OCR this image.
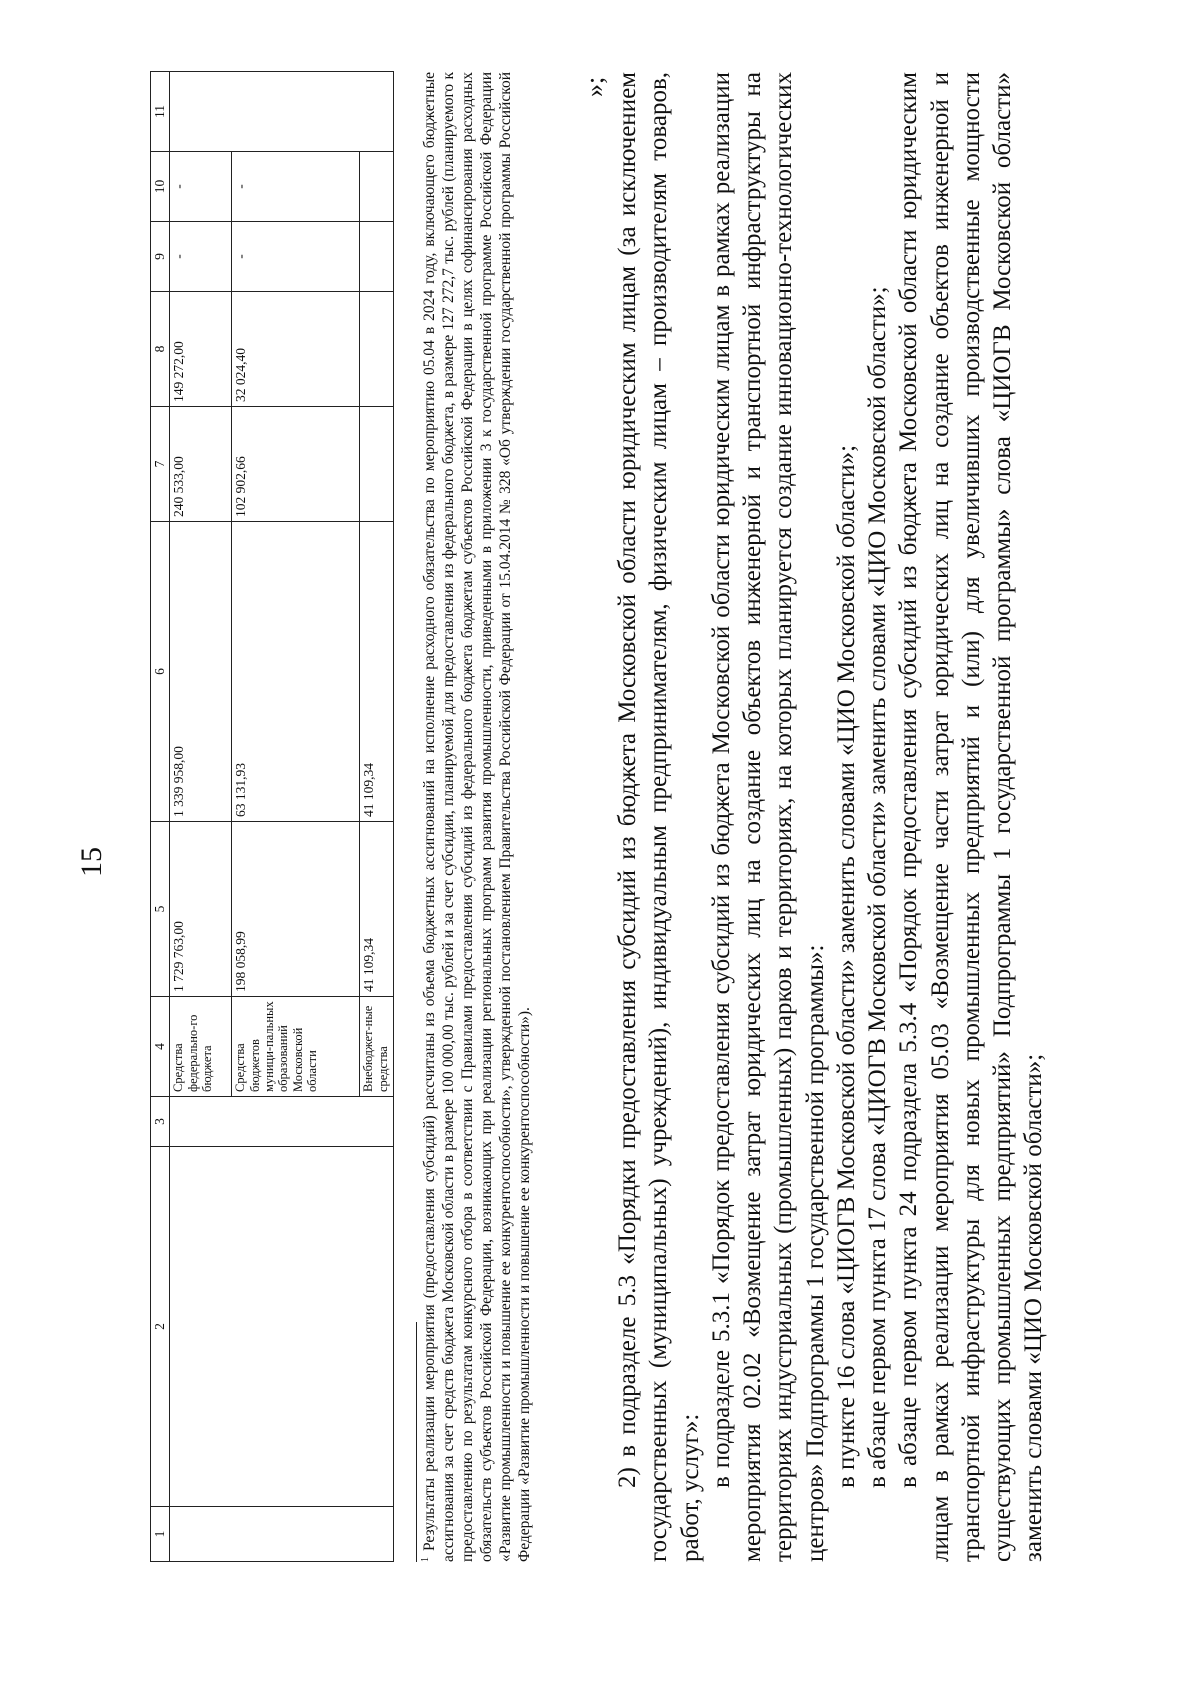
15
1	2	3	4	5	6	7	8	9	10	11
			Средства федерально-го бюджета	1 729 763,00	1 339 958,00	240 533,00	149 272,00	-	-	
			Средства бюджетов муници-пальных образований Московской области	198 058,99	63 131,93	102 902,66	32 024,40	-	-	
			Внебюджет-ные средства	41 109,34	41 109,34					
$^1$ Результаты реализации мероприятия (предоставления субсидий) рассчитаны из объема бюджетных ассигнований на исполнение расходного обязательства по мероприятию 05.04 в 2024 году, включающего бюджетные ассигнования за счет средств бюджета Московской области в размере 100 000,00 тыс. рублей и за счет субсидии, планируемой для предоставления из федерального бюджета, в размере 127 272,7 тыс. рублей (планируемого к предоставлению по результатам конкурсного отбора в соответствии с Правилами предоставления субсидий из федерального бюджета бюджетам субъектов Российской Федерации в целях софинансирования расходных обязательств субъектов Российской Федерации, возникающих при реализации региональных программ развития промышленности, приведенными в приложении 3 к государственной программе Российской Федерации «Развитие промышленности и повышение ее конкурентоспособности», утвержденной постановлением Правительства Российской Федерации от 15.04.2014 № 328 «Об утверждении государственной программы Российской Федерации «Развитие промышленности и повышение ее конкурентоспособности»).
»; 2) в подразделе 5.3 «Порядки предоставления субсидий из бюджета Московской области юридическим лицам (за исключением государственных (муниципальных) учреждений), индивидуальным предпринимателям, физическим лицам – производителям товаров, работ, услуг»: в подразделе 5.3.1 «Порядок предоставления субсидий из бюджета Московской области юридическим лицам в рамках реализации мероприятия 02.02 «Возмещение затрат юридических лиц на создание объектов инженерной и транспортной инфраструктуры на территориях индустриальных (промышленных) парков и территориях, на которых планируется создание инновационно-технологических центров» Подпрограммы 1 государственной программы»: в пункте 16 слова «ЦИОГВ Московской области» заменить словами «ЦИО Московской области»; в абзаце первом пункта 17 слова «ЦИОГВ Московской области» заменить словами «ЦИО Московской области»; в абзаце первом пункта 24 подраздела 5.3.4 «Порядок предоставления субсидий из бюджета Московской области юридическим лицам в рамках реализации мероприятия 05.03 «Возмещение части затрат юридических лиц на создание объектов инженерной и транспортной инфраструктуры для новых промышленных предприятий и (или) для увеличивших производственные мощности существующих промышленных предприятий» Подпрограммы 1 государственной программы» слова «ЦИОГВ Московской области» заменить словами «ЦИО Московской области»;
